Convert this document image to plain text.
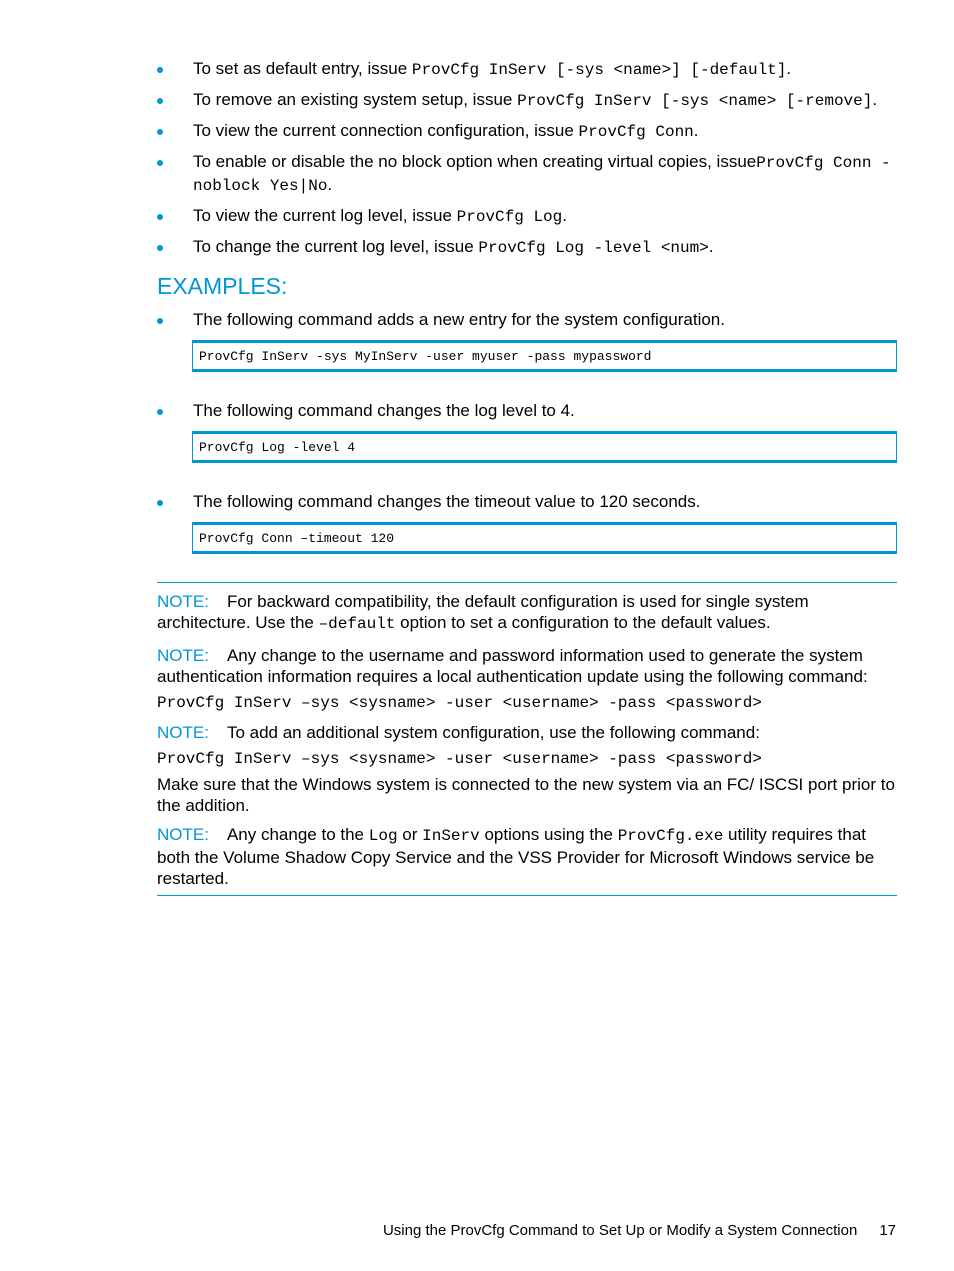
To set as default entry, issue ProvCfg InServ [-sys <name>] [-default].
To remove an existing system setup, issue ProvCfg InServ [-sys <name> [-remove].
To view the current connection configuration, issue ProvCfg Conn.
To enable or disable the no block option when creating virtual copies, issueProvCfg Conn -noblock Yes|No.
To view the current log level, issue ProvCfg Log.
To change the current log level, issue ProvCfg Log -level <num>.
EXAMPLES:
The following command adds a new entry for the system configuration.
ProvCfg InServ -sys MyInServ -user myuser -pass mypassword
The following command changes the log level to 4.
ProvCfg Log -level 4
The following command changes the timeout value to 120 seconds.
ProvCfg Conn –timeout 120

NOTE: For backward compatibility, the default configuration is used for single system architecture. Use the –default option to set a configuration to the default values.

NOTE: Any change to the username and password information used to generate the system authentication information requires a local authentication update using the following command:

ProvCfg InServ –sys <sysname> -user <username> -pass <password>

NOTE: To add an additional system configuration, use the following command:

ProvCfg InServ –sys <sysname> -user <username> -pass <password>

Make sure that the Windows system is connected to the new system via an FC/ ISCSI port prior to the addition.

NOTE: Any change to the Log or InServ options using the ProvCfg.exe utility requires that both the Volume Shadow Copy Service and the VSS Provider for Microsoft Windows service be restarted.

Using the ProvCfg Command to Set Up or Modify a System Connection 17
